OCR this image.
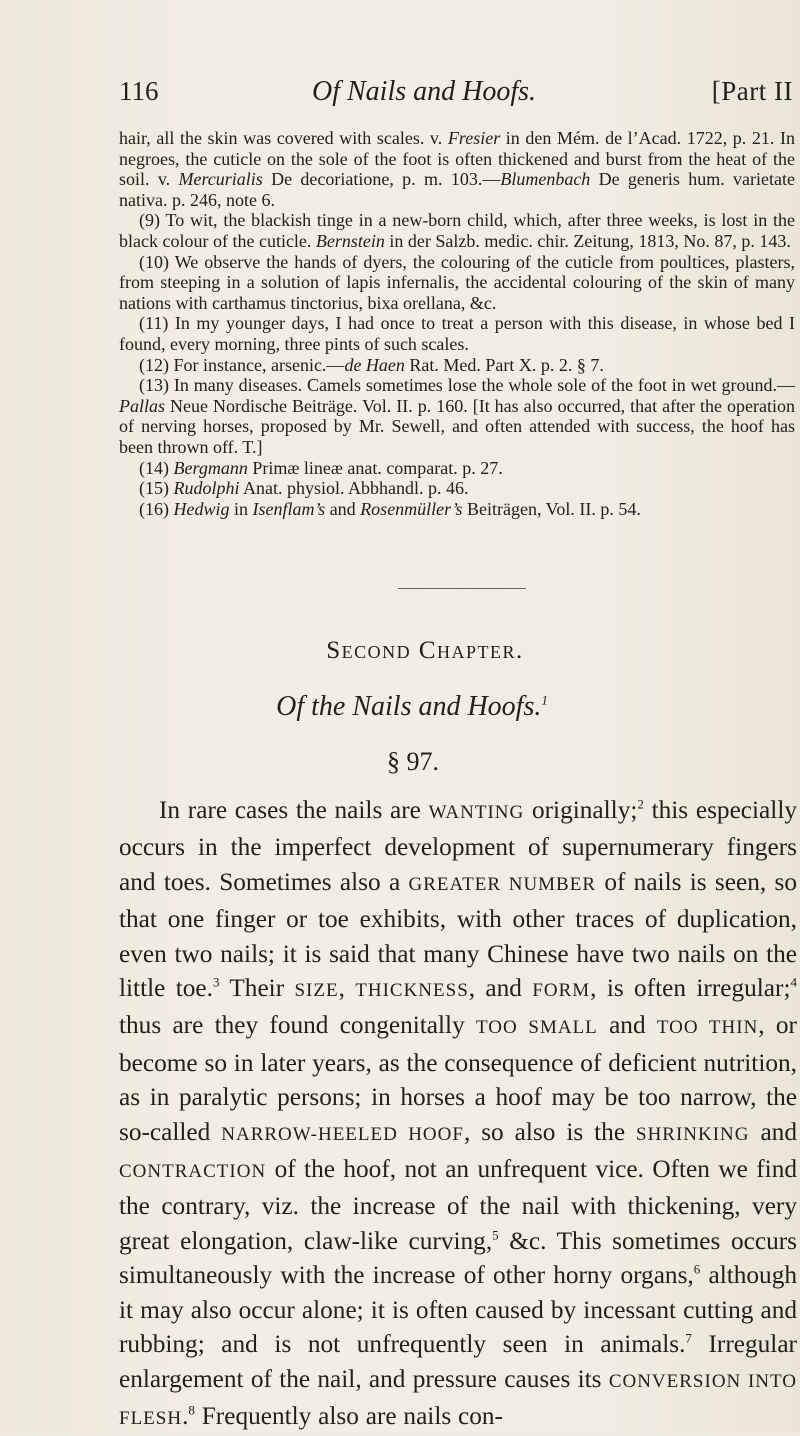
116	Of Nails and Hoofs.	[Part II

hair, all the skin was covered with scales. v. Fresier in den Mém. de l’Acad. 1722, p. 21. In negroes, the cuticle on the sole of the foot is often thickened and burst from the heat of the soil. v. Mercurialis De decoriatione, p. m. 103.—Blumenbach De generis hum. varietate nativa. p. 246, note 6.

(9) To wit, the blackish tinge in a new-born child, which, after three weeks, is lost in the black colour of the cuticle. Bernstein in der Salzb. medic. chir. Zeitung, 1813, No. 87, p. 143.

(10) We observe the hands of dyers, the colouring of the cuticle from poultices, plasters, from steeping in a solution of lapis infernalis, the accidental colouring of the skin of many nations with carthamus tinctorius, bixa orellana, &c.

(11) In my younger days, I had once to treat a person with this disease, in whose bed I found, every morning, three pints of such scales.

(12) For instance, arsenic.—de Haen Rat. Med. Part X. p. 2. § 7.

(13) In many diseases. Camels sometimes lose the whole sole of the foot in wet ground.—Pallas Neue Nordische Beiträge. Vol. II. p. 160. [It has also occurred, that after the operation of nerving horses, proposed by Mr. Sewell, and often attended with success, the hoof has been thrown off. T.]

(14) Bergmann Primæ lineæ anat. comparat. p. 27.

(15) Rudolphi Anat. physiol. Abbhandl. p. 46.

(16) Hedwig in Isenflam’s and Rosenmüller’s Beiträgen, Vol. II. p. 54.

Second Chapter.
Of the Nails and Hoofs.$^1$
§ 97.

In rare cases the nails are WANTING originally;$^2$ this especially occurs in the imperfect development of supernumerary fingers and toes. Sometimes also a GREATER NUMBER of nails is seen, so that one finger or toe exhibits, with other traces of duplication, even two nails; it is said that many Chinese have two nails on the little toe.$^3$ Their SIZE, THICKNESS, and FORM, is often irregular;$^4$ thus are they found congenitally TOO SMALL and TOO THIN, or become so in later years, as the consequence of deficient nutrition, as in paralytic persons; in horses a hoof may be too narrow, the so-called NARROW-HEELED HOOF, so also is the SHRINKING and CONTRACTION of the hoof, not an unfrequent vice. Often we find the contrary, viz. the increase of the nail with thickening, very great elongation, claw-like curving,$^5$ &c. This sometimes occurs simultaneously with the increase of other horny organs,$^6$ although it may also occur alone; it is often caused by incessant cutting and rubbing; and is not unfrequently seen in animals.$^7$ Irregular enlargement of the nail, and pressure causes its CONVERSION INTO FLESH.$^8$ Frequently also are nails con-
